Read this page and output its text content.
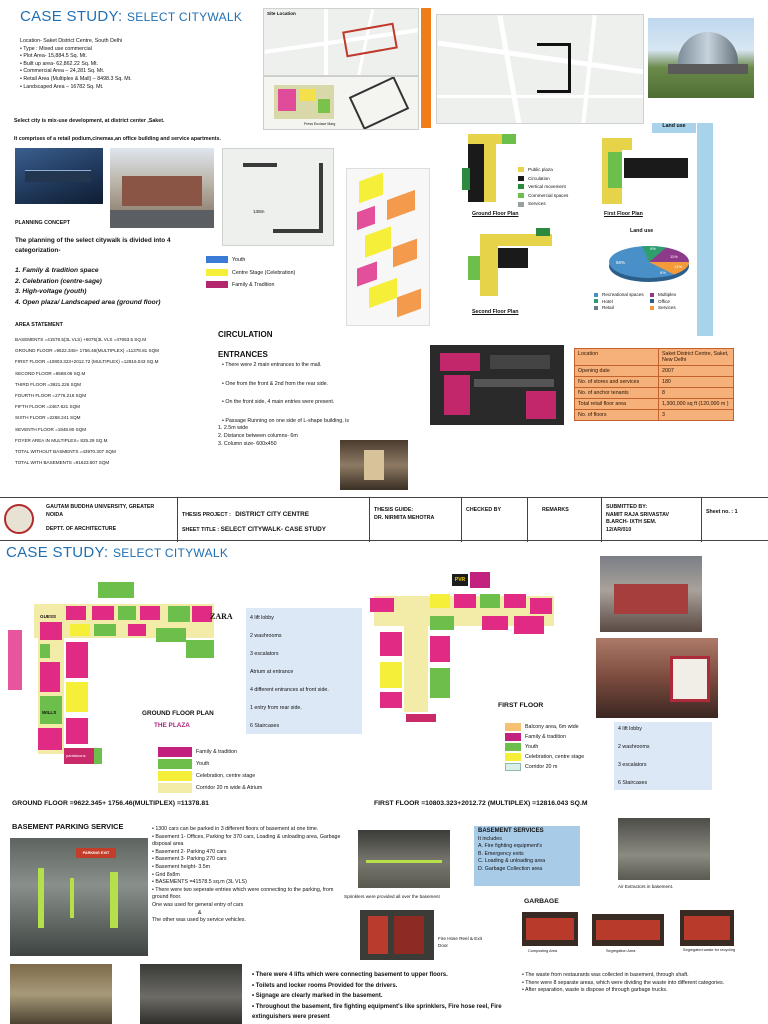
CASE STUDY: SELECT CITYWALK
Location- Saket District Centre, South Delhi
• Type : Mixed use commercial
• Plot Area- 15,884.5 Sq. Mt.
• Built up area- 62,862.22 Sq. Mt.
• Commercial Area – 24,281 Sq. Mt.
• Retail Area (Multiplex & Mall) – 8498.3 Sq. Mt.
• Landscaped Area – 16782 Sq. Mt.
Select city is mix-use development, at district center ,Saket.
It comprises of a retail podium,cinemas,an office building and service apartments.
Site Location
Press Enclave Marg
138m
PLANNING CONCEPT
The planning of the select citywalk is divided into 4 categorization-
1. Family & tradition space
2. Celebration (centre-sage)
3. High-voltage (youth)
4. Open plaza/ Landscaped area (ground floor)
Youth
Centre Stage (Celebration)
Family & Tradition
AREA STATEMENT
BASEMENTS =41578.5(3L VLS) +6075(3L VLS =47653.5 SQ.M
GROUND FLOOR =9622.345+ 1756.46(MULTIPLEX) =11378.81 SQM
FIRST FLOOR =10803.323+2012.72 (MULTIPLEX) =12816.043 SQ.M
SECOND FLOOR =6568.06 SQ.M
THIRD FLOOR =3921.226 SQM
FOURTH FLOOR =2776.216 SQM
FIFTH FLOOR =2467.621 SQM
SIXTH FLOOR =2268.241 SQM
SEVENTH FLOOR =1948.80 SQM
FOYER AREA IN MULTIPLEX= 825.29 SQ.M
TOTAL WITHOUT BASMENTS =43970.307 SQM
TOTAL WITH BASEMENTS =91623.807 SQM
CIRCULATION
ENTRANCES
• There were 2 main entrances to the mall.
• One from the front & 2nd from the rear side.
• On the front side, 4 main entries were present.
• Passage Running on one side of L-shape building, is
1. 2.5m wide
2. Distance between columns- 6m
3. Column size- 600x450
Public plaza
Circulation
Vertical movement
Commercial spaces
Services
Ground Floor Plan	First Floor Plan
Land use
Second Floor Plan
Land use
56%
9%
11%
14%
8%
Recreational spaces
Hotel
Retail
Multiplex
Office
Services
Location	Saket District Centre, Saket, New Delhi
Opening date	2007
No. of stores and services	180
No. of anchor tenants	8
Total retail floor area	1,300,000 sq ft (120,000 m )
No. of floors	3
GAUTAM BUDDHA UNIVERSITY, GREATER NOIDA
DEPTT. OF ARCHITECTURE
THESIS PROJECT : DISTRICT CITY CENTRE
SHEET TITLE : SELECT CITYWALK- CASE STUDY
THESIS GUIDE:
DR. NIRMITA MEHOTRA
CHECKED BY	REMARKS	SUBMITTED BY:
NAMIT RAJA SRIVASTAV
B.ARCH- IXTH SEM.
12/AR/010
Sheet no. : 1
CASE STUDY: SELECT CITYWALK
pantaloons
GUESS
WILLS
ZARA
GROUND FLOOR PLAN
THE PLAZA
4 lift lobby
2 washrooms
3 escalators
Atrium at entrance
4 different entrances at front side.
1 entry from rear side.
6 Staircases
Family & tradition
Youth
Celebration, centre stage
Corridor 20 m wide & Atrium
GROUND FLOOR =9622.345+ 1756.46(MULTIPLEX) =11378.81
PVR
FIRST FLOOR
Balcony area, 6m wide
Family & tradition
Youth
Celebration, centre stage
Corridor 20 m
4 lift lobby
2 washrooms
3 escalators
6 Staircases
FIRST FLOOR =10803.323+2012.72 (MULTIPLEX) =12816.043 SQ.M
BASEMENT PARKING SERVICE
PARKING EXIT
• 1300 cars can be parked in 3 different floors of basement at one time.
• Basement 1- Offices, Parking for 370 cars, Loading & unloading area, Garbage disposal area
• Basement 2- Parking 470 cars
• Basement 3- Parking 270 cars
• Basement height- 3.5m
• Grid 8x8m
• BASEMENTS =41578.5 sq.m (3L VLS)
• There were two seperate entries which were connecting to the parking, from ground floor.
One was used for general entry of cars
&
The other was used by service vehicles.
Sprinklers were provided all over the basement
BASEMENT SERVICES
It includes
A. Fire fighting equipment's
B. Emergency exits
C. Loading & unloading area
D. Garbage Collection area
Air Extractors in basement.
Fire Hose Reel & Exit Door
GARBAGE
Composting Area	Segregation Area	Segregated waste for recycling
• There were 4 lifts which were connecting basement to upper floors.
• Toilets and locker rooms Provided for the drivers.
• Signage are clearly marked in the basement.
• Throughout the basement, fire fighting equipment's like sprinklers, Fire hose reel, Fire extinguishers were present
• The waste from restaurants was collected in basement, through shaft.
• There were 8 separate areas, which were dividing the waste into different categories.
• After separation, waste is dispose of through garbage trucks.
